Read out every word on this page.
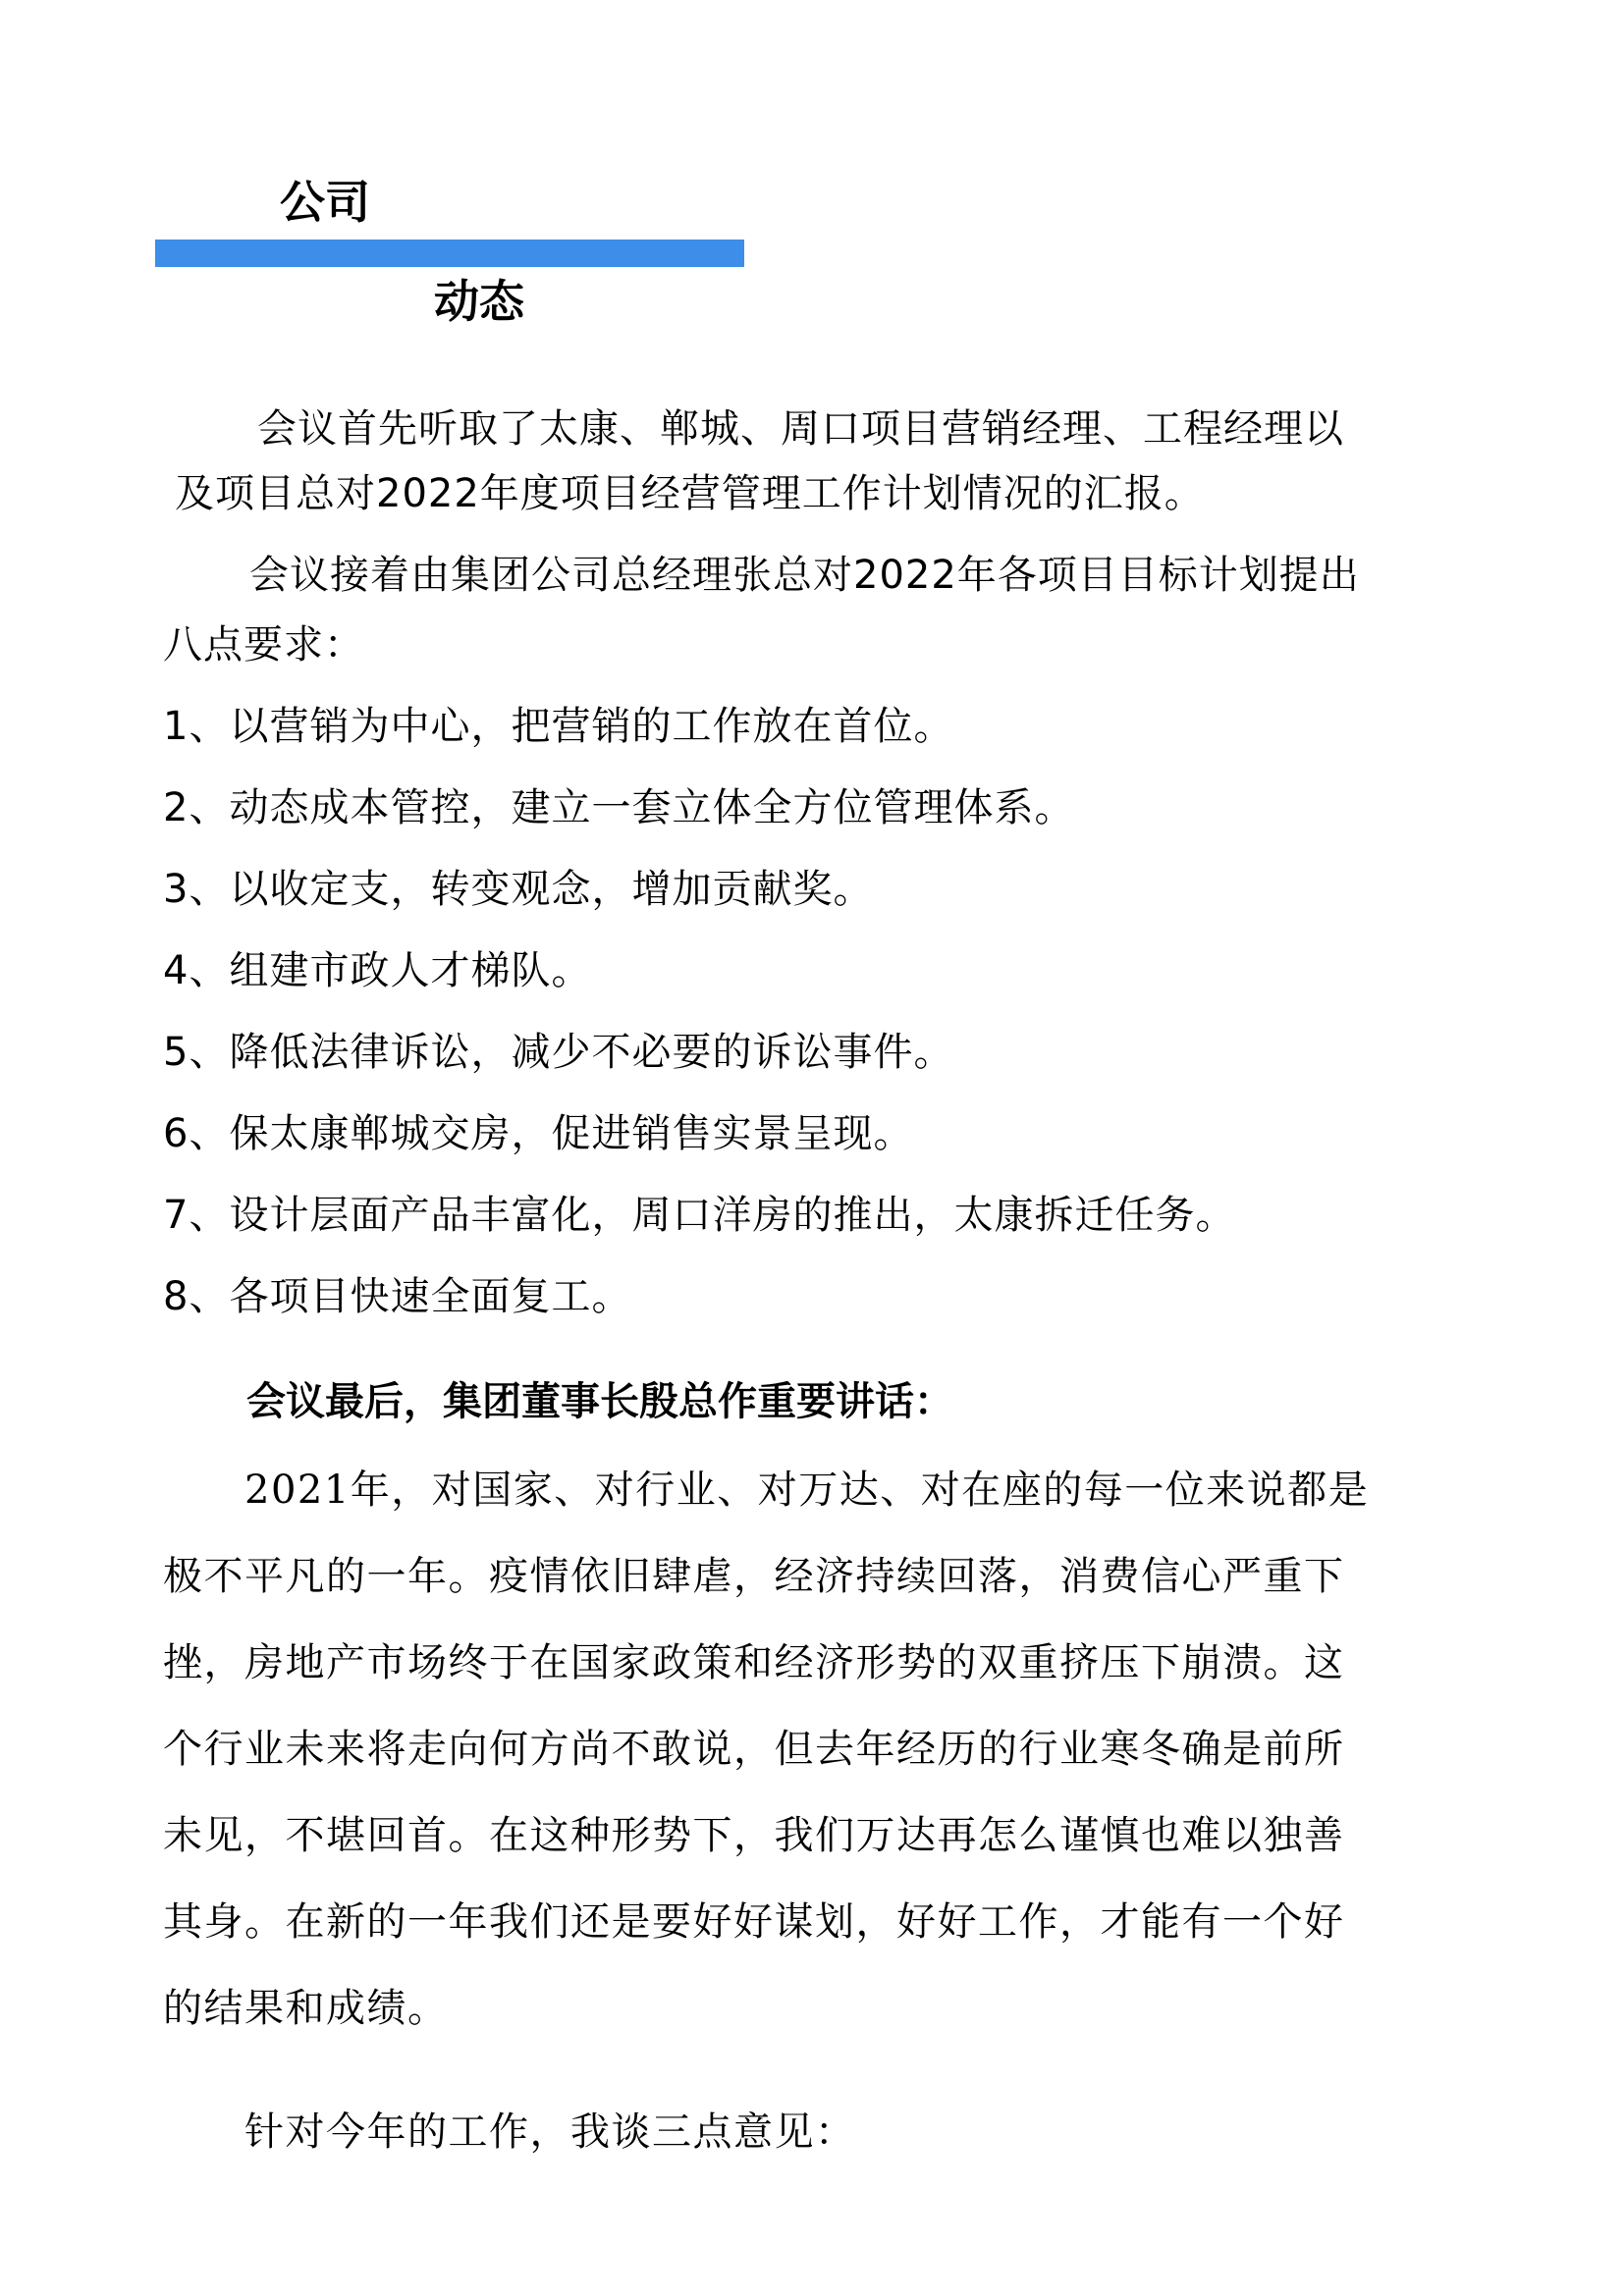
公司
动态

会议首先听取了太康、郸城、周口项目营销经理、工程经理以

及项目总对2022年度项目经营管理工作计划情况的汇报。

会议接着由集团公司总经理张总对2022年各项目目标计划提出

八点要求：

1、以营销为中心，把营销的工作放在首位。

2、动态成本管控，建立一套立体全方位管理体系。

3、以收定支，转变观念，增加贡献奖。

4、组建市政人才梯队。

5、降低法律诉讼，减少不必要的诉讼事件。

6、保太康郸城交房，促进销售实景呈现。

7、设计层面产品丰富化，周口洋房的推出，太康拆迁任务。

8、各项目快速全面复工。

会议最后，集团董事长殷总作重要讲话：

　　2021年，对国家、对行业、对万达、对在座的每一位来说都是

极不平凡的一年。疫情依旧肆虐，经济持续回落，消费信心严重下

挫，房地产市场终于在国家政策和经济形势的双重挤压下崩溃。这

个行业未来将走向何方尚不敢说，但去年经历的行业寒冬确是前所

未见，不堪回首。在这种形势下，我们万达再怎么谨慎也难以独善

其身。在新的一年我们还是要好好谋划，好好工作，才能有一个好

的结果和成绩。

　　针对今年的工作，我谈三点意见：
